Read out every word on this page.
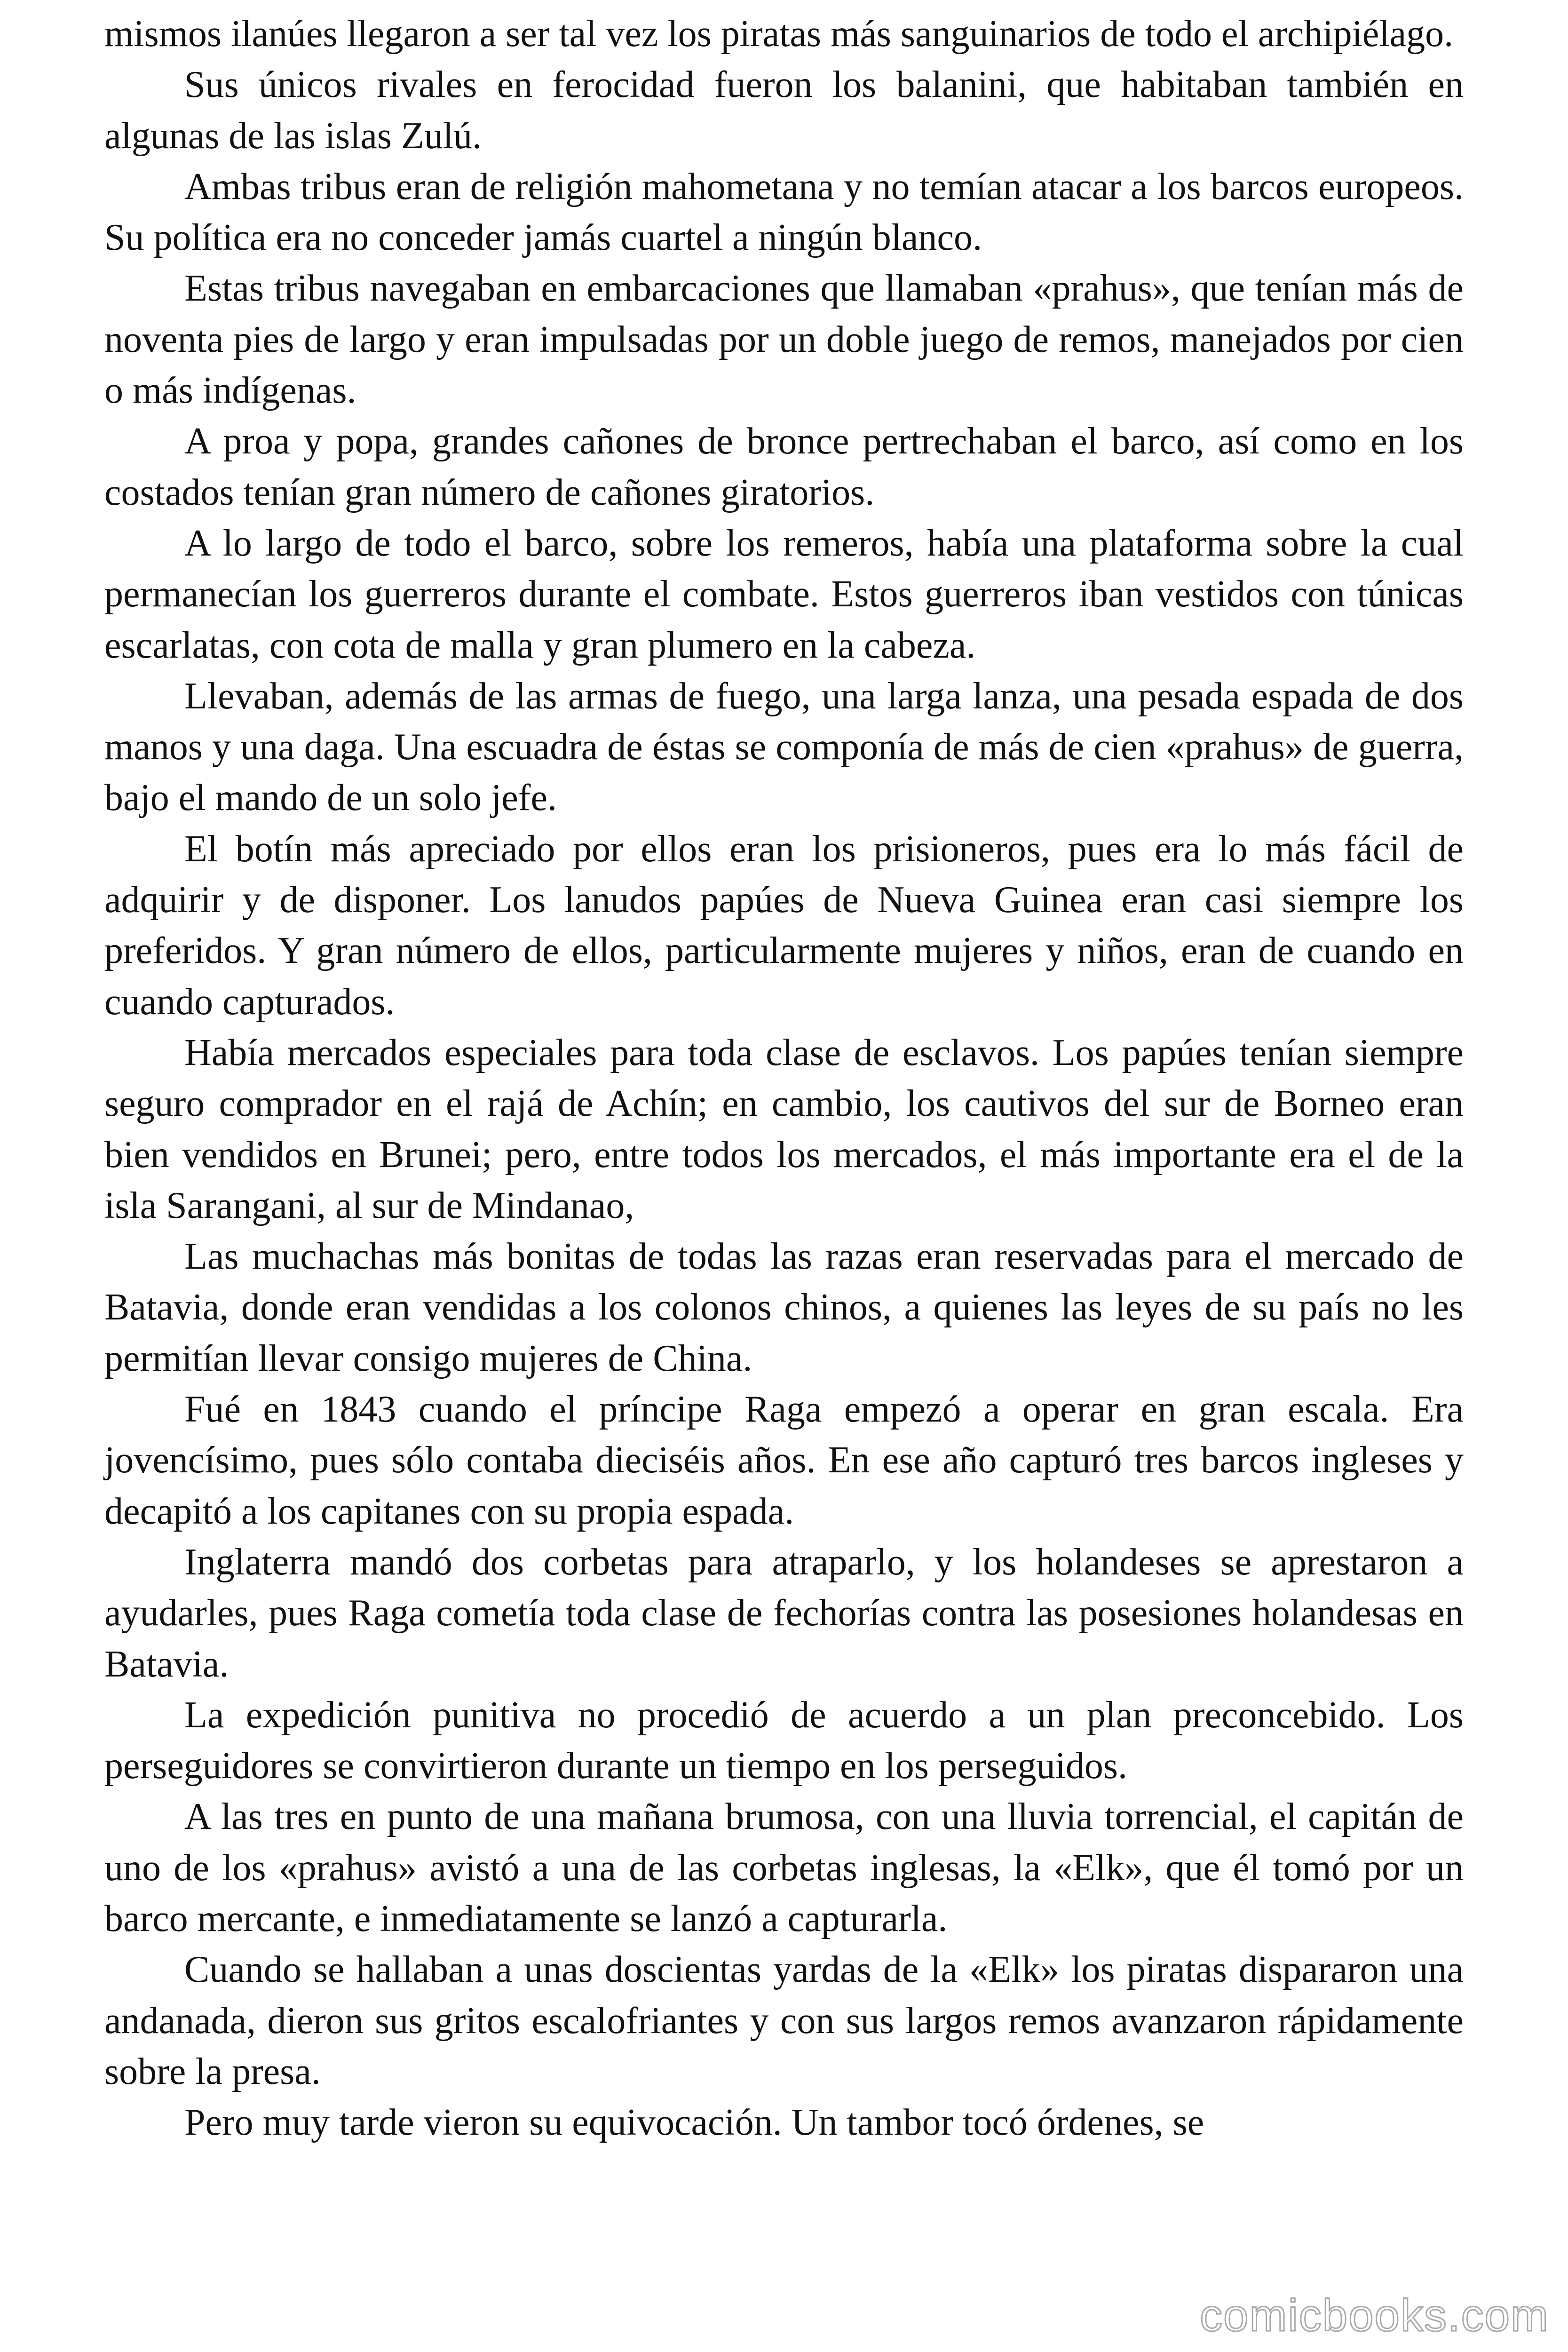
mismos ilanúes llegaron a ser tal vez los piratas más sanguinarios de todo el archipiélago.

Sus únicos rivales en ferocidad fueron los balanini, que habitaban también en algunas de las islas Zulú.

Ambas tribus eran de religión mahometana y no temían atacar a los barcos europeos. Su política era no conceder jamás cuartel a ningún blanco.

Estas tribus navegaban en embarcaciones que llamaban «prahus», que tenían más de noventa pies de largo y eran impulsadas por un doble juego de remos, manejados por cien o más indígenas.

A proa y popa, grandes cañones de bronce pertrechaban el barco, así como en los costados tenían gran número de cañones giratorios.

A lo largo de todo el barco, sobre los remeros, había una plataforma sobre la cual permanecían los guerreros durante el combate. Estos guerreros iban vestidos con túnicas escarlatas, con cota de malla y gran plumero en la cabeza.

Llevaban, además de las armas de fuego, una larga lanza, una pesada espada de dos manos y una daga. Una escuadra de éstas se componía de más de cien «prahus» de guerra, bajo el mando de un solo jefe.

El botín más apreciado por ellos eran los prisioneros, pues era lo más fácil de adquirir y de disponer. Los lanudos papúes de Nueva Guinea eran casi siempre los preferidos. Y gran número de ellos, particularmente mujeres y niños, eran de cuando en cuando capturados.

Había mercados especiales para toda clase de esclavos. Los papúes tenían siempre seguro comprador en el rajá de Achín; en cambio, los cautivos del sur de Borneo eran bien vendidos en Brunei; pero, entre todos los mercados, el más importante era el de la isla Sarangani, al sur de Mindanao,

Las muchachas más bonitas de todas las razas eran reservadas para el mercado de Batavia, donde eran vendidas a los colonos chinos, a quienes las leyes de su país no les permitían llevar consigo mujeres de China.

Fué en 1843 cuando el príncipe Raga empezó a operar en gran escala. Era jovencísimo, pues sólo contaba dieciséis años. En ese año capturó tres barcos ingleses y decapitó a los capitanes con su propia espada.

Inglaterra mandó dos corbetas para atraparlo, y los holandeses se aprestaron a ayudarles, pues Raga cometía toda clase de fechorías contra las posesiones holandesas en Batavia.

La expedición punitiva no procedió de acuerdo a un plan preconcebido. Los perseguidores se convirtieron durante un tiempo en los perseguidos.

A las tres en punto de una mañana brumosa, con una lluvia torrencial, el capitán de uno de los «prahus» avistó a una de las corbetas inglesas, la «Elk», que él tomó por un barco mercante, e inmediatamente se lanzó a capturarla.

Cuando se hallaban a unas doscientas yardas de la «Elk» los piratas dispararon una andanada, dieron sus gritos escalofriantes y con sus largos remos avanzaron rápidamente sobre la presa.

Pero muy tarde vieron su equivocación. Un tambor tocó órdenes, se

comicbooks.com
